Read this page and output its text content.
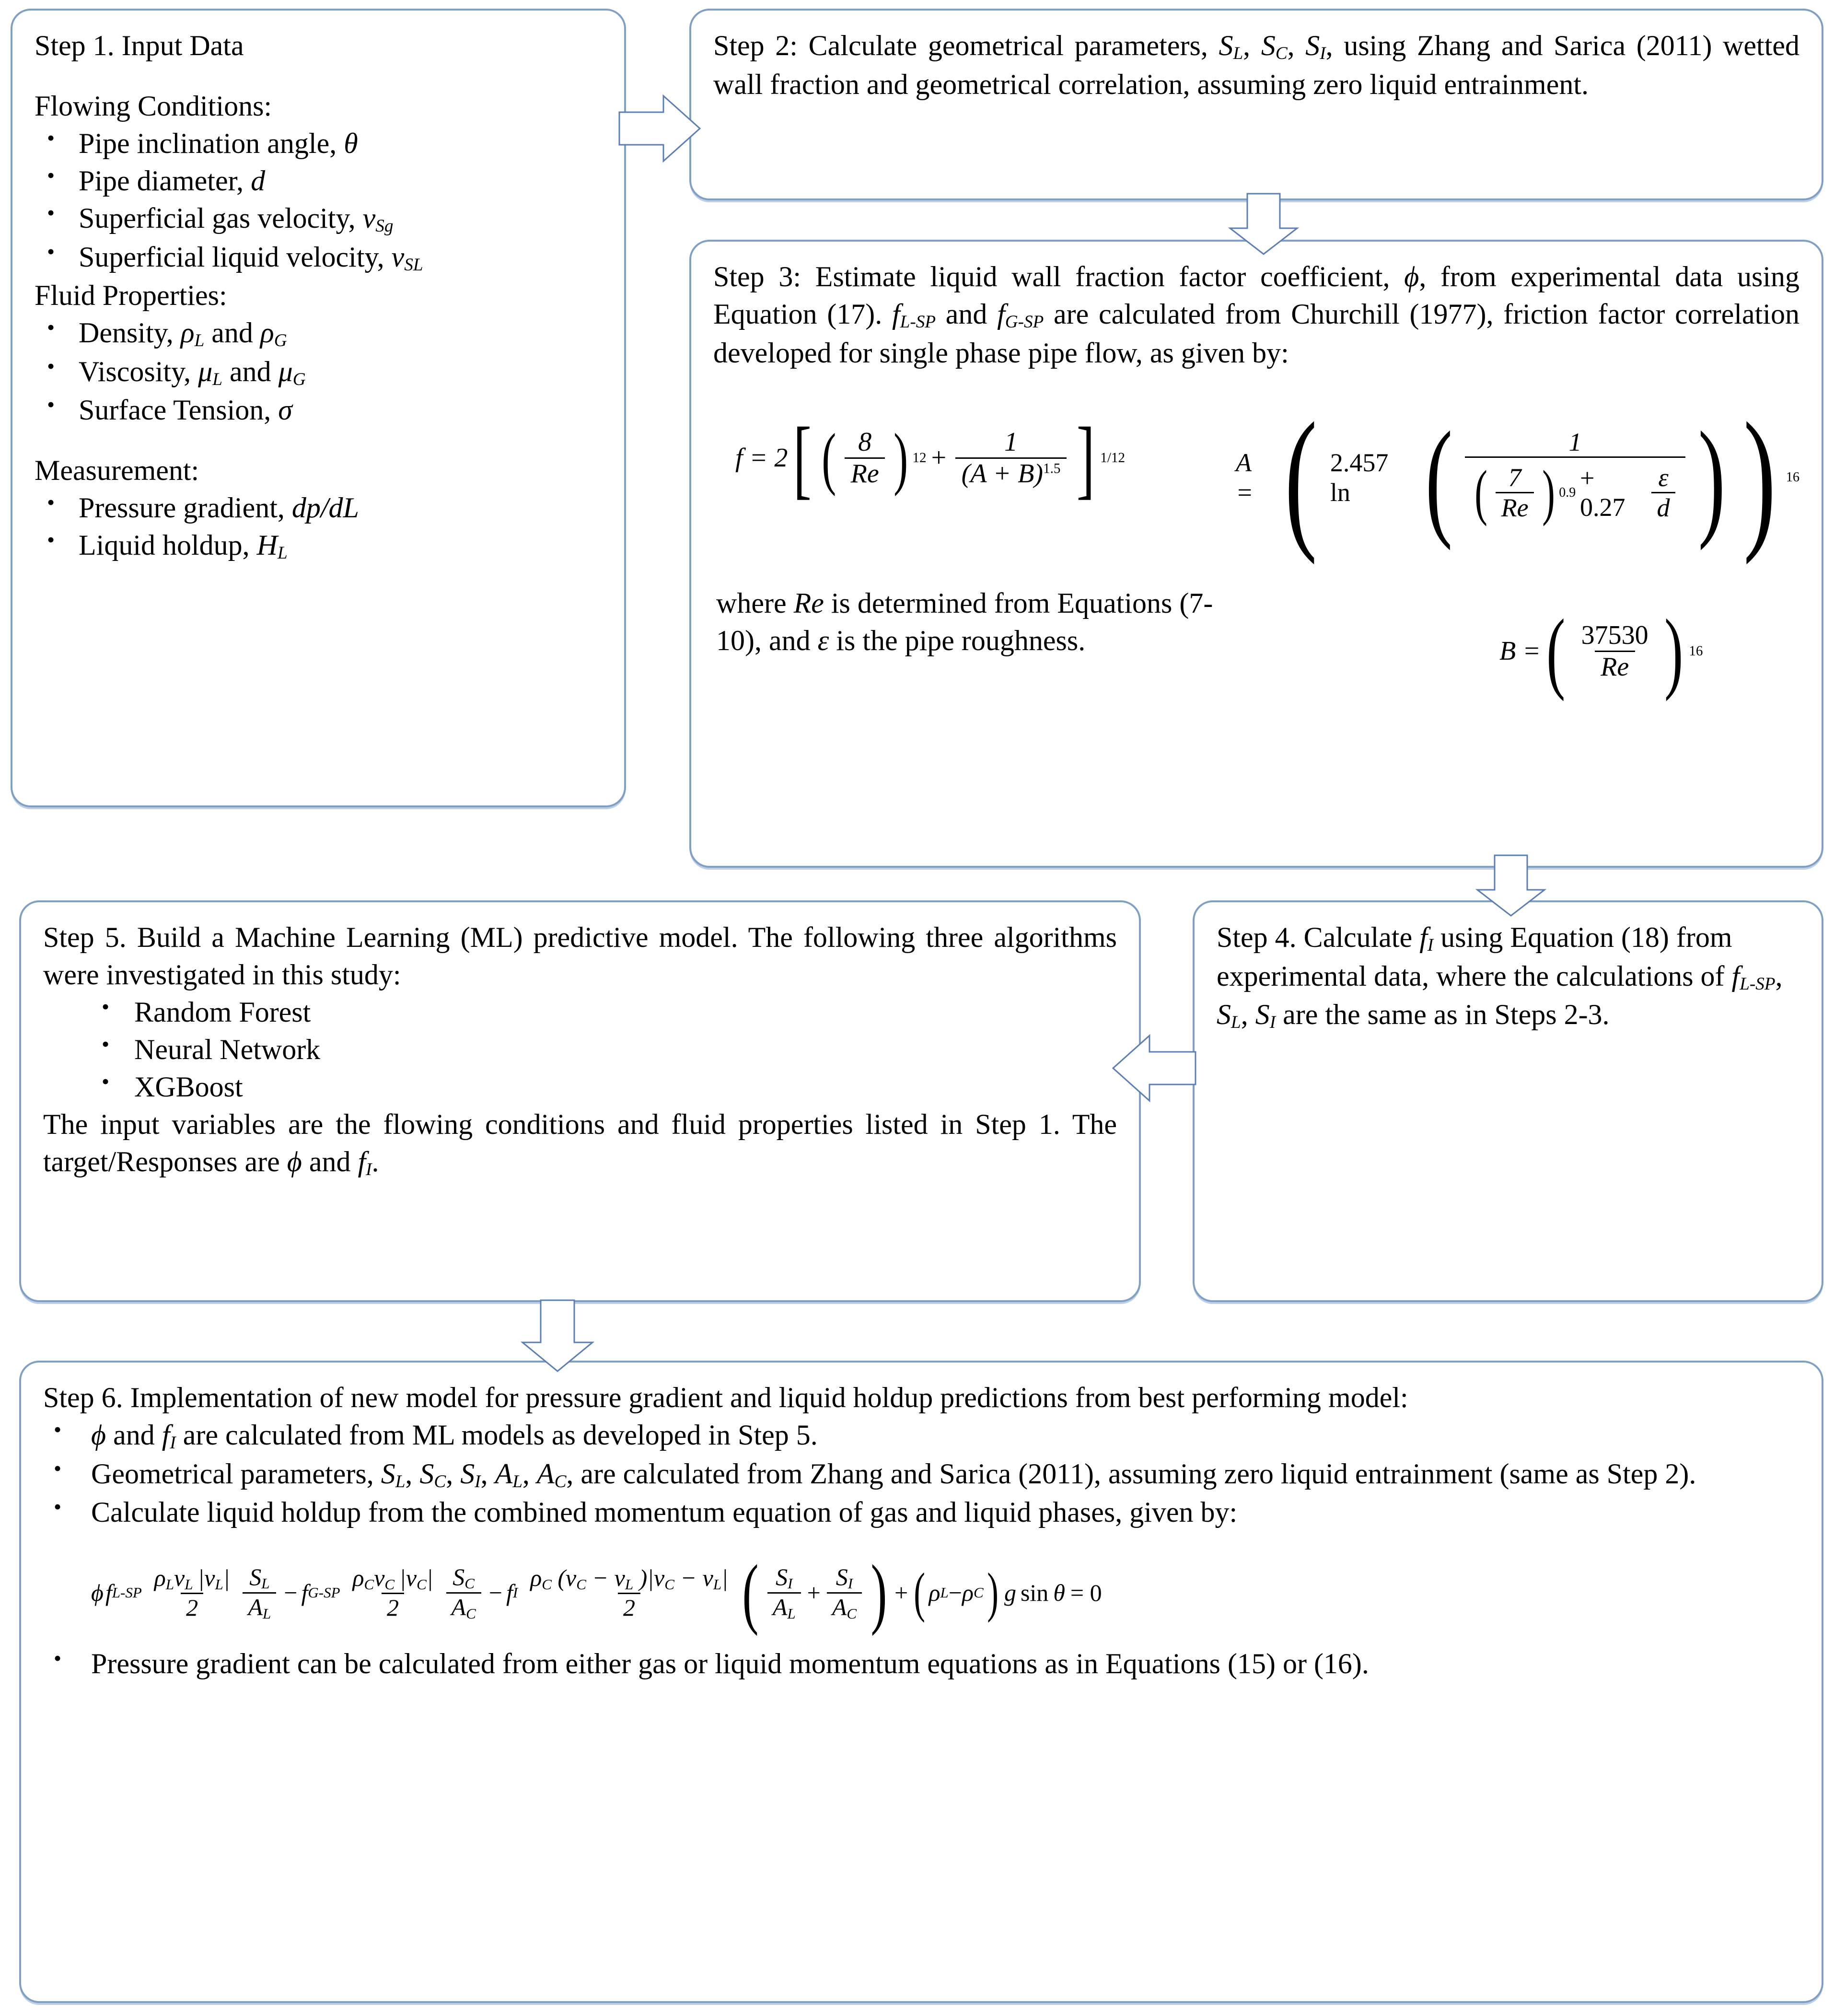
Step 1. Input Data
Flowing Conditions:
• Pipe inclination angle, θ
• Pipe diameter, d
• Superficial gas velocity, $v_{Sg}$
• Superficial liquid velocity, $v_{SL}$
Fluid Properties:
• Density, $\rho_L$ and $\rho_G$
• Viscosity, $\mu_L$ and $\mu_G$
• Surface Tension, σ
Measurement:
• Pressure gradient, dp/dL
• Liquid holdup, $H_L$
Step 2: Calculate geometrical parameters, $S_L$, $S_C$, $S_I$, using Zhang and Sarica (2011) wetted wall fraction and geometrical correlation, assuming zero liquid entrainment.
Step 3: Estimate liquid wall fraction factor coefficient, ϕ, from experimental data using Equation (17). $f_{L-SP}$ and $f_{G-SP}$ are calculated from Churchill (1977), friction factor correlation developed for single phase pipe flow, as given by:
f = 2 [ ( $\frac{8}{Re}$ ) $12 + \frac{1}{(A + B)^{1.5}}$ ] 1/12	A = ( 2.457 ln (	1
( $\frac{7}{Re}$ ) 0.9
+ 0.27	$\frac{\varepsilon}{d}$ ) ) 16
where Re is determined from Equations (7-10), and ε is the pipe roughness.	B = ( $\frac{37530}{Re}$ ) 16
Step 5. Build a Machine Learning (ML) predictive model. The following three algorithms were investigated in this study:
• Random Forest
• Neural Network
• XGBoost
The input variables are the flowing conditions and fluid properties listed in Step 1. The target/Responses are ϕ and $f_I$.
Step 4. Calculate $f_I$ using Equation (18) from experimental data, where the calculations of $f_{L-SP}$, $S_L$, $S_I$ are the same as in Steps 2-3.
Step 6. Implementation of new model for pressure gradient and liquid holdup predictions from best performing model:
• ϕ and $f_I$ are calculated from ML models as developed in Step 5.
• Geometrical parameters, $S_L$, $S_C$, $S_I$, $A_L$, $A_C$, are calculated from Zhang and Sarica (2011), assuming zero liquid entrainment (same as Step 2).
• Calculate liquid holdup from the combined momentum equation of gas and liquid phases, given by:
ϕ f $L-SP \frac{\rho_Lv_L |v_L|}{2} \frac{S_L}{A_L} - f$ $G-SP \frac{\rho_Cv_C |v_C|}{2} \frac{S_C}{A_C} - f$ I $\frac{\rho_C (v_C - v_L )|v_C - v_L|}{2}$ ( $\frac{S_I}{A_L} + \frac{S_I}{A_C}$ ) + ( ρ L − ρ C ) g sin
  θ = 0
• Pressure gradient can be calculated from either gas or liquid momentum equations as in Equations (15) or (16).
